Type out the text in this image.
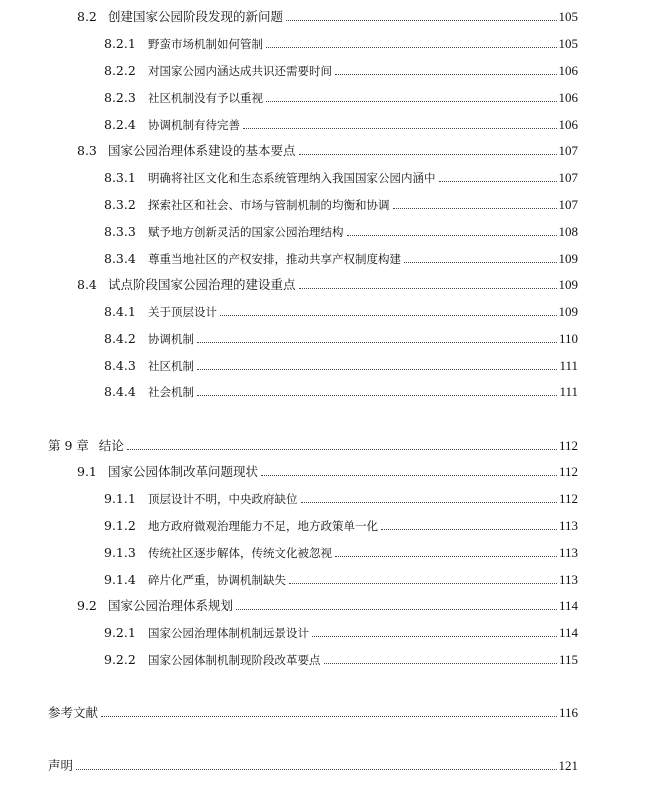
8.2 创建国家公园阶段发现的新问题	105
8.2.1	野蛮市场机制如何管制	105
8.2.2	对国家公园内涵达成共识还需要时间	106
8.2.3	社区机制没有予以重视	106
8.2.4	协调机制有待完善	106
8.3 国家公园治理体系建设的基本要点	107
8.3.1	明确将社区文化和生态系统管理纳入我国国家公园内涵中	107
8.3.2	探索社区和社会、市场与管制机制的均衡和协调	107
8.3.3	赋予地方创新灵活的国家公园治理结构	108
8.3.4	尊重当地社区的产权安排，推动共享产权制度构建	109
8.4 试点阶段国家公园治理的建设重点	109
8.4.1	关于顶层设计	109
8.4.2	协调机制	110
8.4.3	社区机制	111
8.4.4	社会机制	111
第 9 章 结论	112
9.1 国家公园体制改革问题现状	112
9.1.1	顶层设计不明，中央政府缺位	112
9.1.2	地方政府微观治理能力不足，地方政策单一化	113
9.1.3	传统社区逐步解体，传统文化被忽视	113
9.1.4	碎片化严重，协调机制缺失	113
9.2 国家公园治理体系规划	114
9.2.1	国家公园治理体制机制远景设计	114
9.2.2	国家公园体制机制现阶段改革要点	115
参考文献	116
声明	121
